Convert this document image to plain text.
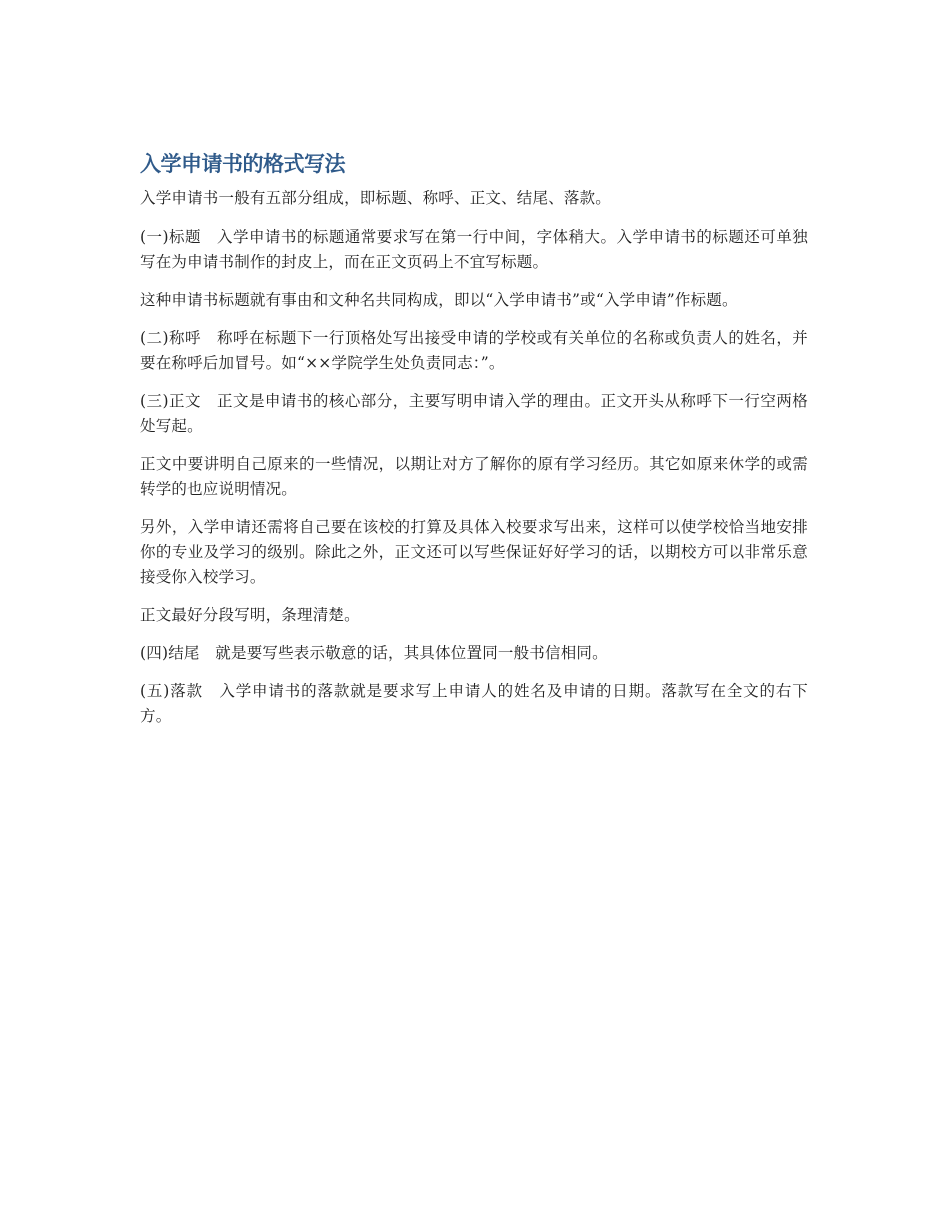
入学申请书的格式写法

入学申请书一般有五部分组成，即标题、称呼、正文、结尾、落款。

(一)标题　入学申请书的标题通常要求写在第一行中间，字体稍大。入学申请书的标题还可单独写在为申请书制作的封皮上，而在正文页码上不宜写标题。

这种申请书标题就有事由和文种名共同构成，即以“入学申请书”或“入学申请”作标题。

(二)称呼　称呼在标题下一行顶格处写出接受申请的学校或有关单位的名称或负责人的姓名，并要在称呼后加冒号。如“××学院学生处负责同志：”。

(三)正文　正文是申请书的核心部分，主要写明申请入学的理由。正文开头从称呼下一行空两格处写起。

正文中要讲明自己原来的一些情况，以期让对方了解你的原有学习经历。其它如原来休学的或需转学的也应说明情况。

另外，入学申请还需将自己要在该校的打算及具体入校要求写出来，这样可以使学校恰当地安排你的专业及学习的级别。除此之外，正文还可以写些保证好好学习的话，以期校方可以非常乐意接受你入校学习。

正文最好分段写明，条理清楚。

(四)结尾　就是要写些表示敬意的话，其具体位置同一般书信相同。

(五)落款　入学申请书的落款就是要求写上申请人的姓名及申请的日期。落款写在全文的右下 方。
